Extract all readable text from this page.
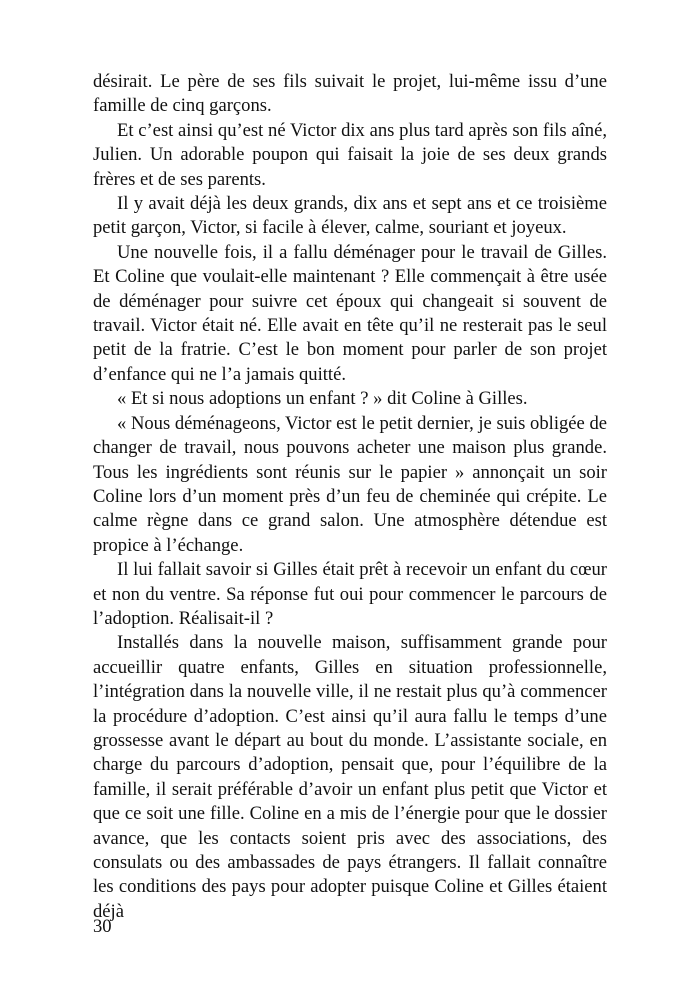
désirait. Le père de ses fils suivait le projet, lui-même issu d’une famille de cinq garçons.

Et c’est ainsi qu’est né Victor dix ans plus tard après son fils aîné, Julien. Un adorable poupon qui faisait la joie de ses deux grands frères et de ses parents.

Il y avait déjà les deux grands, dix ans et sept ans et ce troisième petit garçon, Victor, si facile à élever, calme, souriant et joyeux.

Une nouvelle fois, il a fallu déménager pour le travail de Gilles. Et Coline que voulait-elle maintenant ? Elle commençait à être usée de déménager pour suivre cet époux qui changeait si souvent de travail. Victor était né. Elle avait en tête qu’il ne resterait pas le seul petit de la fratrie. C’est le bon moment pour parler de son projet d’enfance qui ne l’a jamais quitté.

« Et si nous adoptions un enfant ? » dit Coline à Gilles.

« Nous déménageons, Victor est le petit dernier, je suis obligée de changer de travail, nous pouvons acheter une maison plus grande. Tous les ingrédients sont réunis sur le papier » annonçait un soir Coline lors d’un moment près d’un feu de cheminée qui crépite. Le calme règne dans ce grand salon. Une atmosphère détendue est propice à l’échange.

Il lui fallait savoir si Gilles était prêt à recevoir un enfant du cœur et non du ventre. Sa réponse fut oui pour commencer le parcours de l’adoption. Réalisait-il ?

Installés dans la nouvelle maison, suffisamment grande pour accueillir quatre enfants, Gilles en situation professionnelle, l’intégration dans la nouvelle ville, il ne restait plus qu’à commencer la procédure d’adoption. C’est ainsi qu’il aura fallu le temps d’une grossesse avant le départ au bout du monde. L’assistante sociale, en charge du parcours d’adoption, pensait que, pour l’équilibre de la famille, il serait préférable d’avoir un enfant plus petit que Victor et que ce soit une fille. Coline en a mis de l’énergie pour que le dossier avance, que les contacts soient pris avec des associations, des consulats ou des ambassades de pays étrangers. Il fallait connaître les conditions des pays pour adopter puisque Coline et Gilles étaient déjà

30
